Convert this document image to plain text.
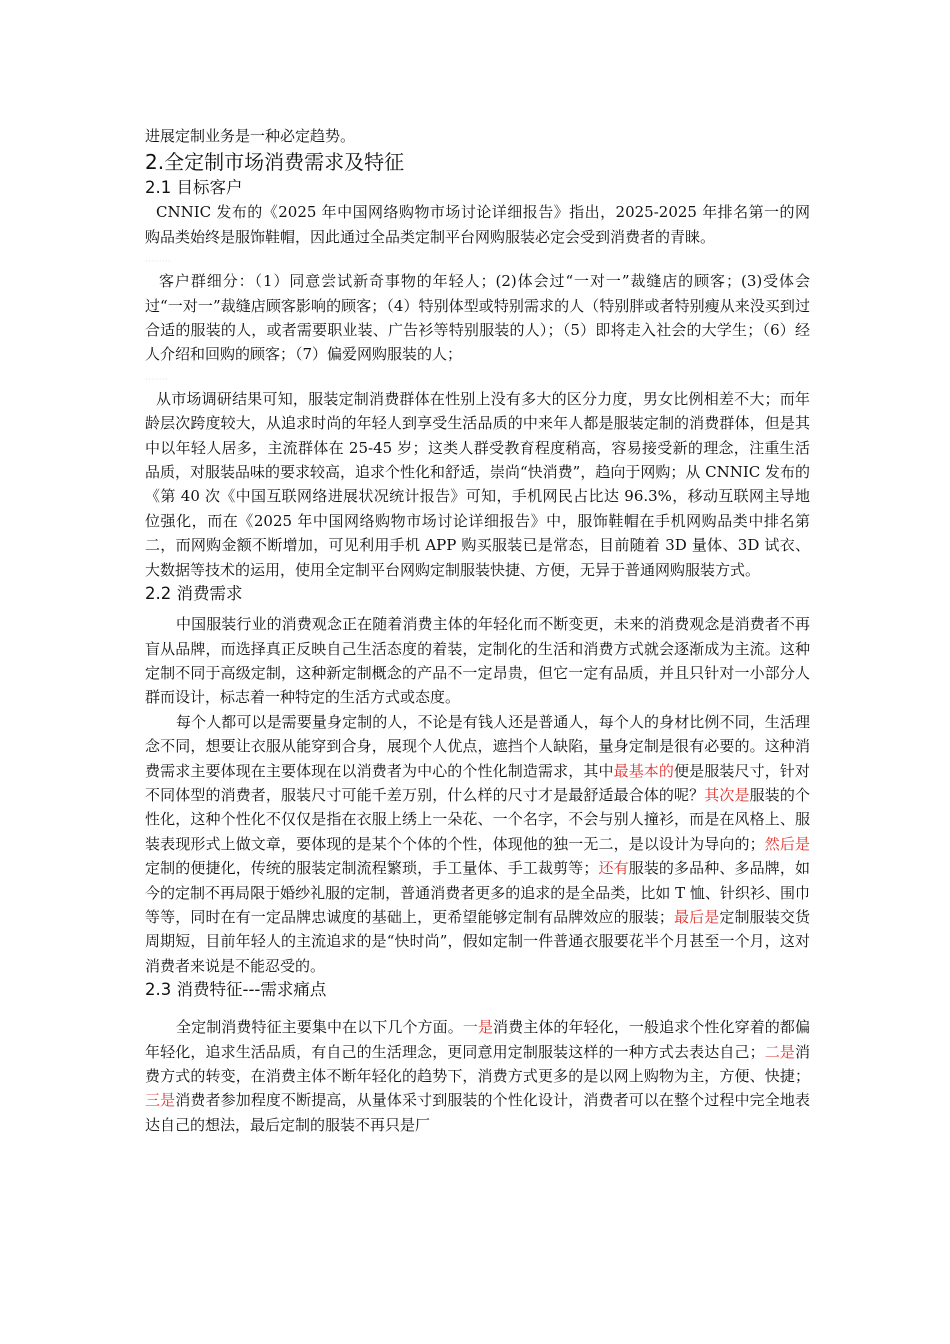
进展定制业务是一种必定趋势。

2.全定制市场消费需求及特征
2.1 目标客户

CNNIC 发布的《2025 年中国网络购物市场讨论详细报告》指出，2025-2025 年排名第一的网购品类始终是服饰鞋帽，因此通过全品类定制平台网购服装必定会受到消费者的青睐。

·········

客户群细分：（1）同意尝试新奇事物的年轻人；(2)体会过“一对一”裁缝店的顾客；(3)受体会过“一对一”裁缝店顾客影响的顾客；（4）特别体型或特别需求的人（特别胖或者特别瘦从来没买到过合适的服装的人，或者需要职业装、广告衫等特别服装的人）；（5）即将走入社会的大学生；（6）经人介绍和回购的顾客；（7）偏爱网购服装的人；

········

从市场调研结果可知，服装定制消费群体在性别上没有多大的区分力度，男女比例相差不大；而年龄层次跨度较大，从追求时尚的年轻人到享受生活品质的中来年人都是服装定制的消费群体，但是其中以年轻人居多，主流群体在 25-45 岁；这类人群受教育程度稍高，容易接受新的理念，注重生活品质，对服装品味的要求较高，追求个性化和舒适，崇尚“快消费”，趋向于网购；从 CNNIC 发布的《第 40 次《中国互联网络进展状况统计报告》可知，手机网民占比达 96.3%，移动互联网主导地位强化，而在《2025 年中国网络购物市场讨论详细报告》中，服饰鞋帽在手机网购品类中排名第二，而网购金额不断增加，可见利用手机 APP 购买服装已是常态，目前随着 3D 量体、3D 试衣、大数据等技术的运用，使用全定制平台网购定制服装快捷、方便，无异于普通网购服装方式。

2.2 消费需求

中国服装行业的消费观念正在随着消费主体的年轻化而不断变更，未来的消费观念是消费者不再盲从品牌，而选择真正反映自己生活态度的着装，定制化的生活和消费方式就会逐渐成为主流。这种定制不同于高级定制，这种新定制概念的产品不一定昂贵，但它一定有品质，并且只针对一小部分人群而设计，标志着一种特定的生活方式或态度。

每个人都可以是需要量身定制的人，不论是有钱人还是普通人，每个人的身材比例不同，生活理念不同，想要让衣服从能穿到合身，展现个人优点，遮挡个人缺陷，量身定制是很有必要的。这种消费需求主要体现在主要体现在以消费者为中心的个性化制造需求，其中最基本的便是服装尺寸，针对不同体型的消费者，服装尺寸可能千差万别，什么样的尺寸才是最舒适最合体的呢？其次是服装的个性化，这种个性化不仅仅是指在衣服上绣上一朵花、一个名字，不会与别人撞衫，而是在风格上、服装表现形式上做文章，要体现的是某个个体的个性，体现他的独一无二，是以设计为导向的；然后是定制的便捷化，传统的服装定制流程繁琐，手工量体、手工裁剪等；还有服装的多品种、多品牌，如今的定制不再局限于婚纱礼服的定制，普通消费者更多的追求的是全品类，比如 T 恤、针织衫、围巾等等，同时在有一定品牌忠诚度的基础上，更希望能够定制有品牌效应的服装；最后是定制服装交货周期短，目前年轻人的主流追求的是“快时尚”，假如定制一件普通衣服要花半个月甚至一个月，这对消费者来说是不能忍受的。

2.3 消费特征---需求痛点

全定制消费特征主要集中在以下几个方面。一是消费主体的年轻化，一般追求个性化穿着的都偏年轻化，追求生活品质，有自己的生活理念，更同意用定制服装这样的一种方式去表达自己；二是消费方式的转变，在消费主体不断年轻化的趋势下，消费方式更多的是以网上购物为主，方便、快捷；三是消费者参加程度不断提高，从量体采寸到服装的个性化设计，消费者可以在整个过程中完全地表达自己的想法，最后定制的服装不再只是厂
